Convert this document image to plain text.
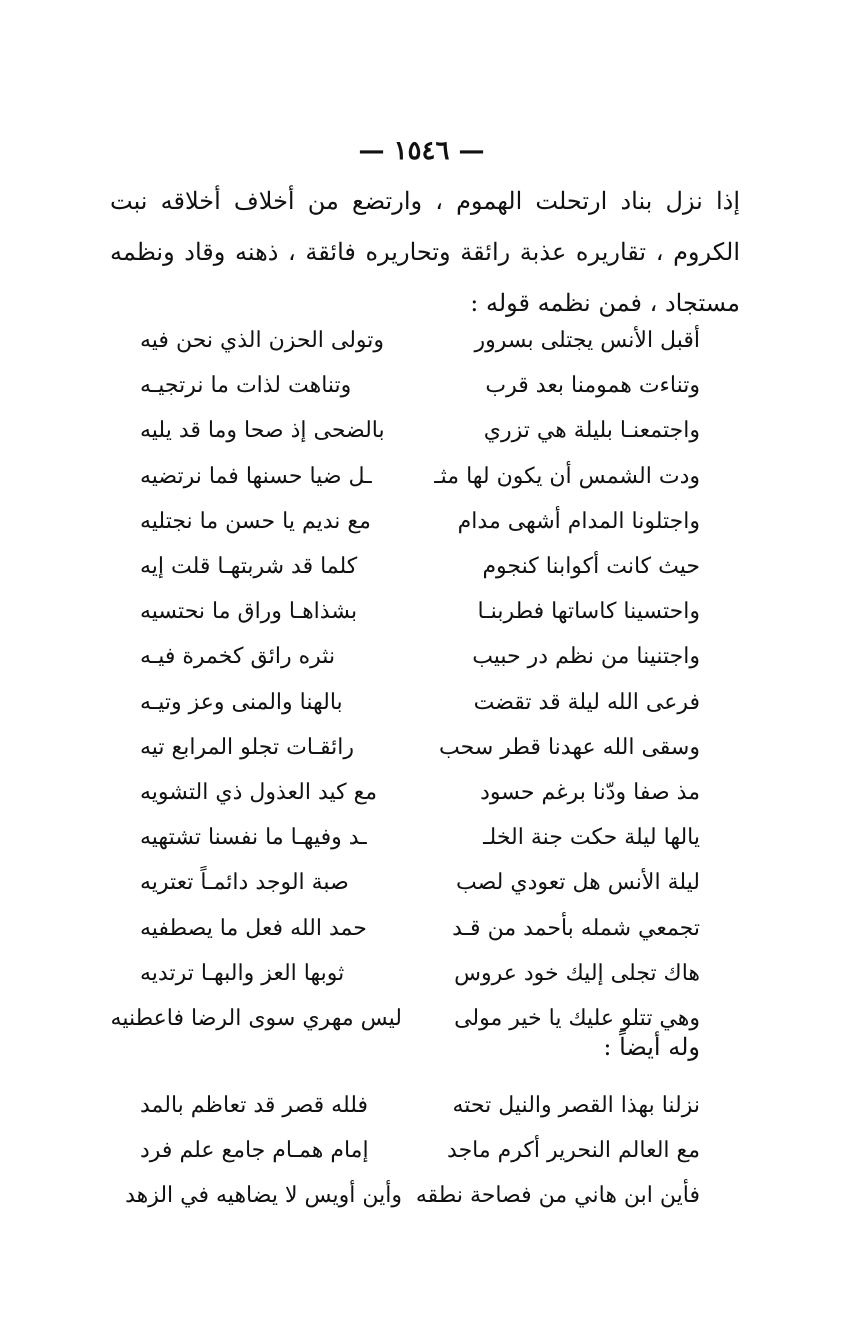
— ١٥٤٦ —
إذا نزل بناد ارتحلت الهموم ، وارتضع من أخلاف أخلاقه نبت الكروم ، تقاريره عذبة رائقة وتحاريره فائقة ، ذهنه وقاد ونظمه مستجاد ، فمن نظمه قوله :
أقبل الأنس يجتلى بسرور
وتولى الحزن الذي نحن فيه
وتناءت همومنا بعد قرب
وتناهت لذات ما نرتجيـه
واجتمعنـا بليلة هي تزري
بالضحى إذ صحا وما قد يليه
ودت الشمس أن يكون لها مثـ
ـل ضيا حسنها فما نرتضيه
واجتلونا المدام أشهى مدام
مع نديم يا حسن ما نجتليه
حيث كانت أكوابنا كنجوم
كلما قد شربتهـا قلت إيه
واحتسينا كاساتها فطربنـا
بشذاهـا وراق ما نحتسيه
واجتنينا من نظم در حبيب
نثره رائق كخمرة فيـه
فرعى الله ليلة قد تقضت
بالهنا والمنى وعز وتيـه
وسقى الله عهدنا قطر سحب
رائقـات تجلو المرابع تيه
مذ صفا ودّنا برغم حسود
مع كيد العذول ذي التشويه
يالها ليلة حكت جنة الخلـ
ـد وفيهـا ما نفسنا تشتهيه
ليلة الأنس هل تعودي لصب
صبة الوجد دائمـاً تعتريه
تجمعي شمله بأحمد من قـد
حمد الله فعل ما يصطفيه
هاك تجلى إليك خود عروس
ثوبها العز والبهـا ترتديه
وهي تتلو عليك يا خير مولى
ليس مهري سوى الرضا فاعطنيه
وله أيضاً :
نزلنا بهذا القصر والنيل تحته
فلله قصر قد تعاظم بالمد
مع العالم النحرير أكرم ماجد
إمام همـام جامع علم فرد
فأين ابن هاني من فصاحة نطقه
وأين أويس لا يضاهيه في الزهد
